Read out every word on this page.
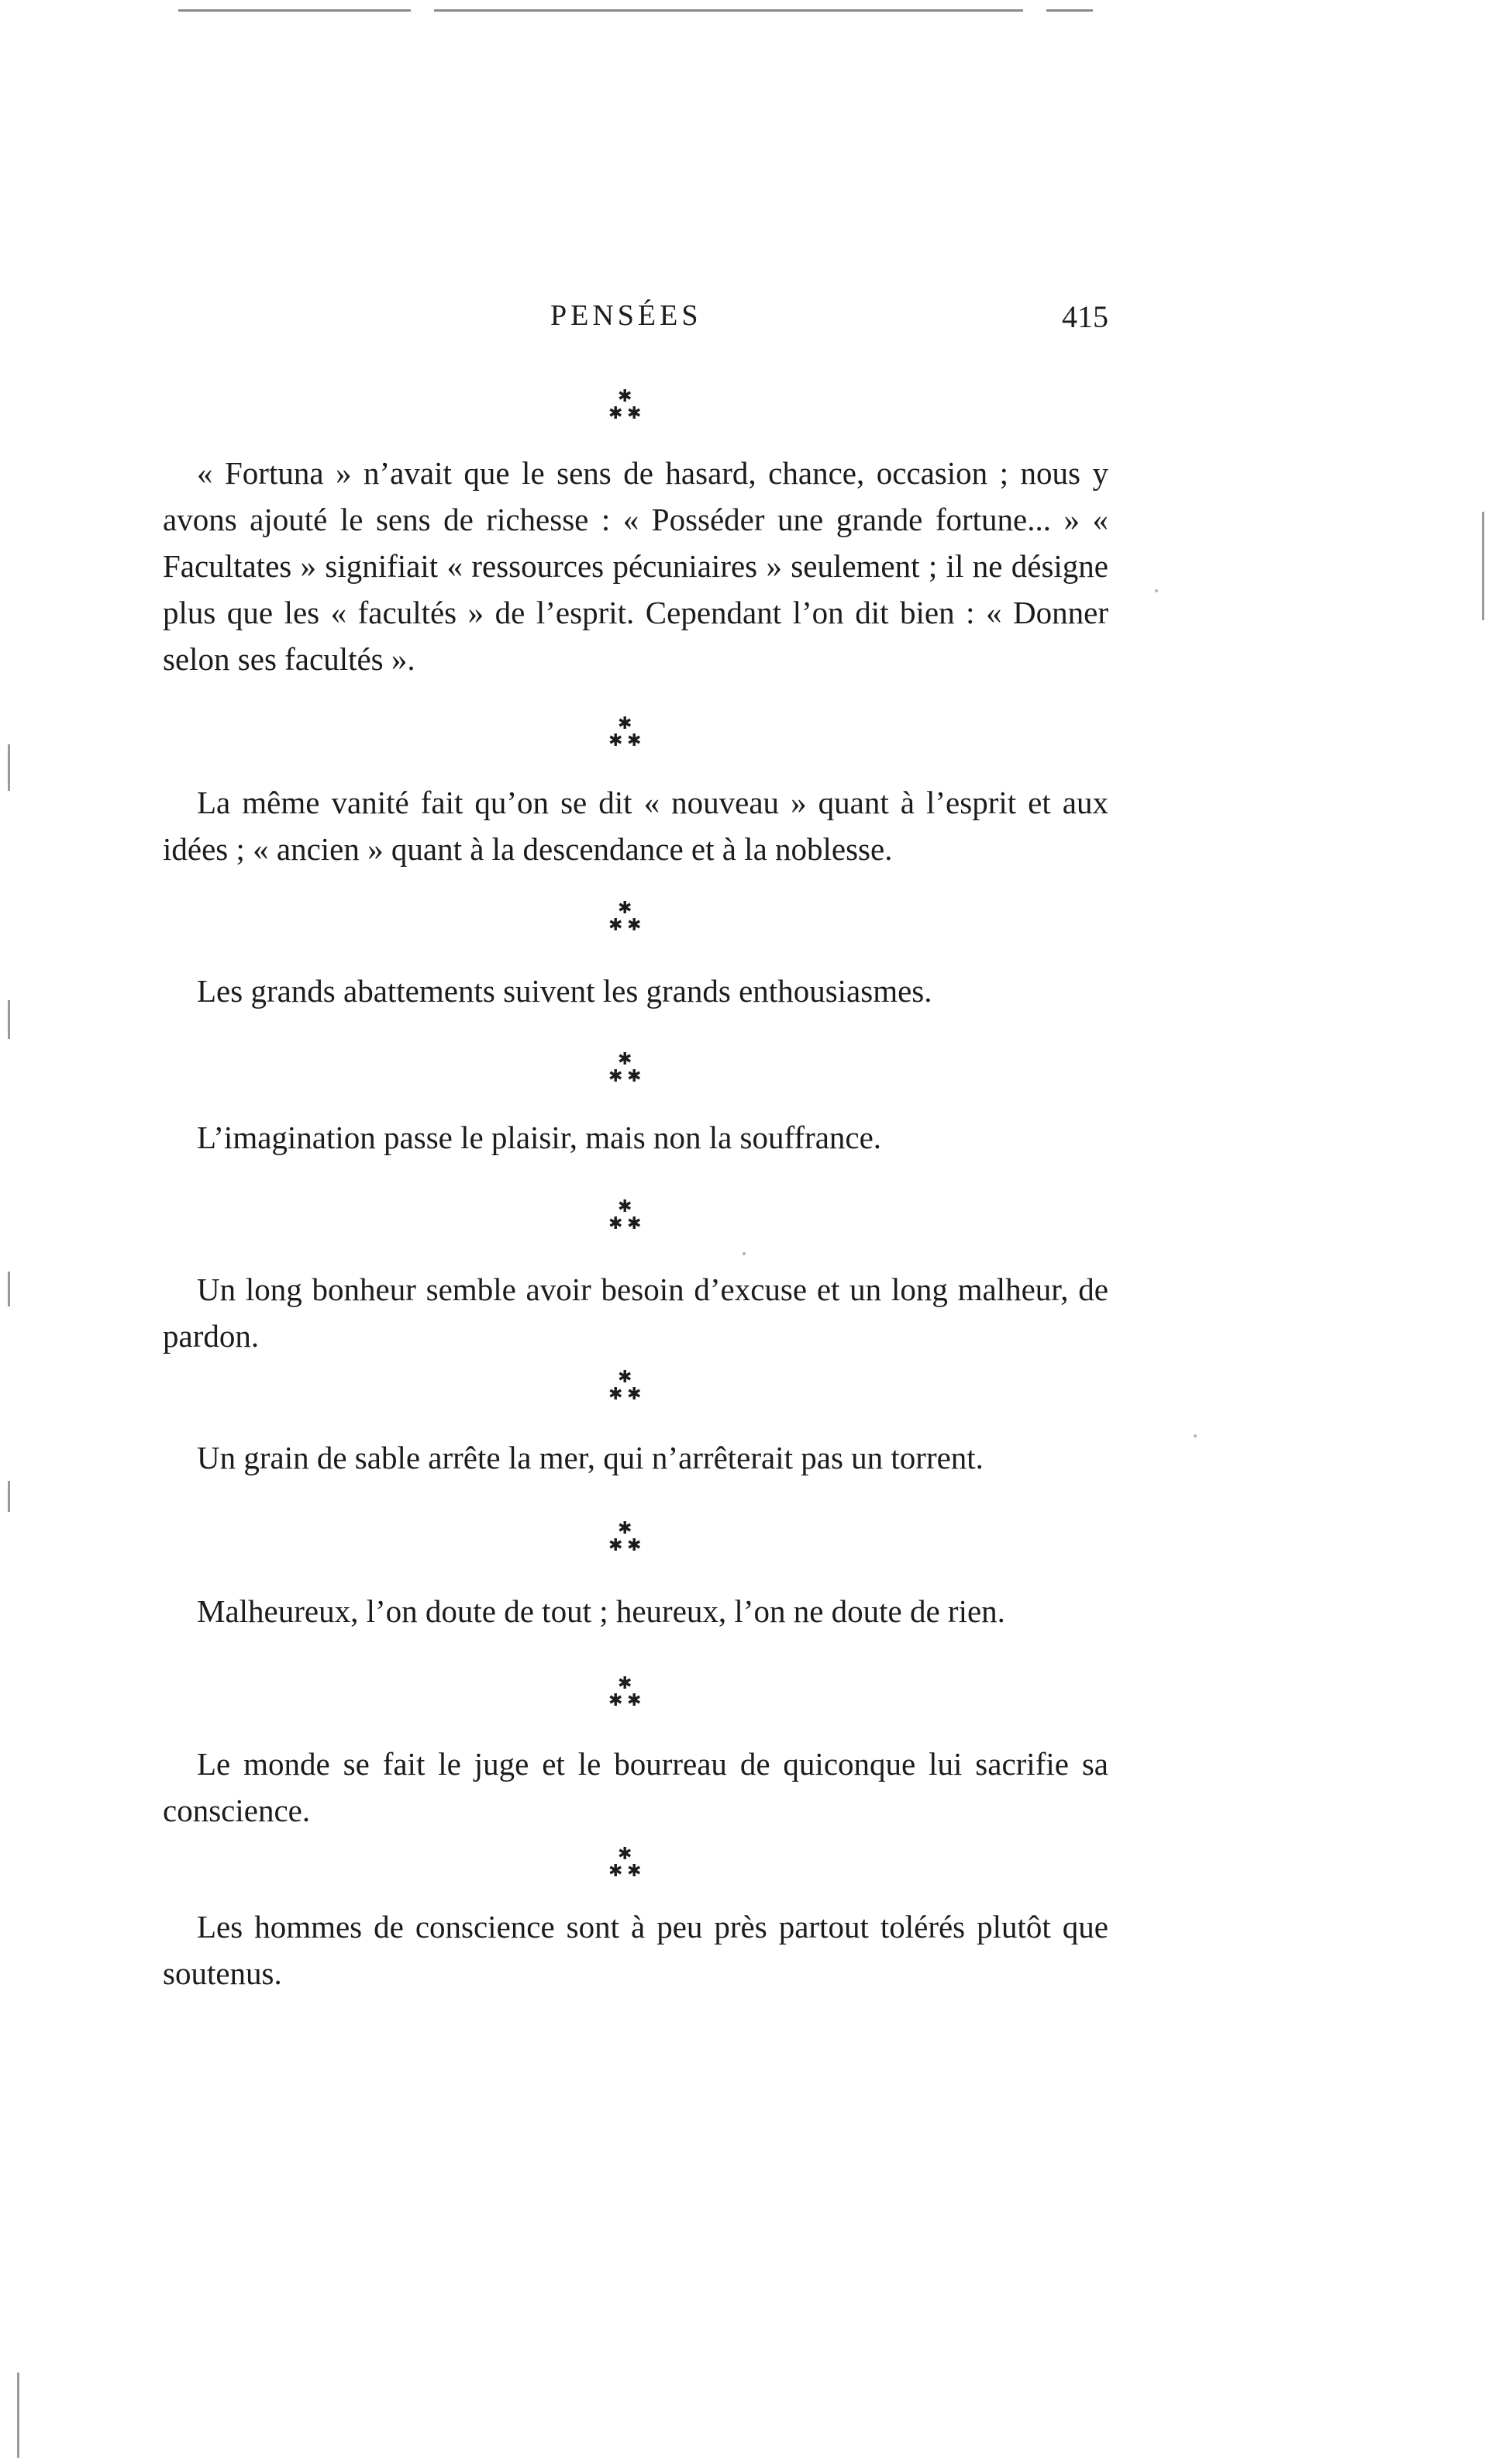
PENSÉES	415
✱
✱ ✱

« Fortuna » n’avait que le sens de hasard, chance, occasion ; nous y avons ajouté le sens de richesse : « Posséder une grande fortune... » « Facultates » signifiait « ressources pécuniaires » seulement ; il ne désigne plus que les « facultés » de l’esprit. Cependant l’on dit bien : « Donner selon ses facultés ».

✱
✱ ✱

La même vanité fait qu’on se dit « nouveau » quant à l’esprit et aux idées ; « ancien » quant à la descendance et à la noblesse.

✱
✱ ✱

Les grands abattements suivent les grands enthousiasmes.

✱
✱ ✱

L’imagination passe le plaisir, mais non la souffrance.

✱
✱ ✱

Un long bonheur semble avoir besoin d’excuse et un long malheur, de pardon.

✱
✱ ✱

Un grain de sable arrête la mer, qui n’arrêterait pas un torrent.

✱
✱ ✱

Malheureux, l’on doute de tout ; heureux, l’on ne doute de rien.

✱
✱ ✱

Le monde se fait le juge et le bourreau de quiconque lui sacrifie sa conscience.

✱
✱ ✱

Les hommes de conscience sont à peu près partout tolérés plutôt que soutenus.
